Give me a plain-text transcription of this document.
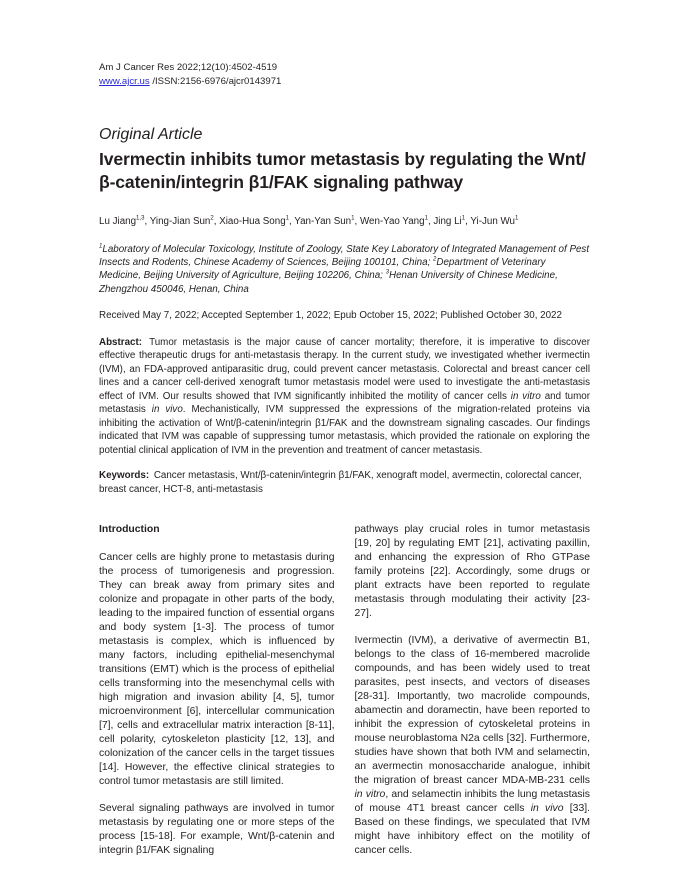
Am J Cancer Res 2022;12(10):4502-4519
www.ajcr.us /ISSN:2156-6976/ajcr0143971
Original Article
Ivermectin inhibits tumor metastasis by regulating the Wnt/β-catenin/integrin β1/FAK signaling pathway
Lu Jiang$^{1,3}$, Ying-Jian Sun$^2$, Xiao-Hua Song$^1$, Yan-Yan Sun$^1$, Wen-Yao Yang$^1$, Jing Li$^1$, Yi-Jun Wu$^1$
$^1$Laboratory of Molecular Toxicology, Institute of Zoology, State Key Laboratory of Integrated Management of Pest Insects and Rodents, Chinese Academy of Sciences, Beijing 100101, China; $^2$Department of Veterinary Medicine, Beijing University of Agriculture, Beijing 102206, China; $^3$Henan University of Chinese Medicine, Zhengzhou 450046, Henan, China
Received May 7, 2022; Accepted September 1, 2022; Epub October 15, 2022; Published October 30, 2022

Abstract: Tumor metastasis is the major cause of cancer mortality; therefore, it is imperative to discover effective therapeutic drugs for anti-metastasis therapy. In the current study, we investigated whether ivermectin (IVM), an FDA-approved antiparasitic drug, could prevent cancer metastasis. Colorectal and breast cancer cell lines and a cancer cell-derived xenograft tumor metastasis model were used to investigate the anti-metastasis effect of IVM. Our results showed that IVM significantly inhibited the motility of cancer cells in vitro and tumor metastasis in vivo. Mechanistically, IVM suppressed the expressions of the migration-related proteins via inhibiting the activation of Wnt/β-catenin/integrin β1/FAK and the downstream signaling cascades. Our findings indicated that IVM was capable of suppressing tumor metastasis, which provided the rationale on exploring the potential clinical application of IVM in the prevention and treatment of cancer metastasis.

Keywords: Cancer metastasis, Wnt/β-catenin/integrin β1/FAK, xenograft model, avermectin, colorectal cancer, breast cancer, HCT-8, anti-metastasis

Introduction

Cancer cells are highly prone to metastasis during the process of tumorigenesis and progression. They can break away from primary sites and colonize and propagate in other parts of the body, leading to the impaired function of essential organs and body system [1-3]. The process of tumor metastasis is complex, which is influenced by many factors, including epithelial-mesenchymal transitions (EMT) which is the process of epithelial cells transforming into the mesenchymal cells with high migration and invasion ability [4, 5], tumor microenvironment [6], intercellular communication [7], cells and extracellular matrix interaction [8-11], cell polarity, cytoskeleton plasticity [12, 13], and colonization of the cancer cells in the target tissues [14]. However, the effective clinical strategies to control tumor metastasis are still limited.

Several signaling pathways are involved in tumor metastasis by regulating one or more steps of the process [15-18]. For example, Wnt/β-catenin and integrin β1/FAK signaling

pathways play crucial roles in tumor metastasis [19, 20] by regulating EMT [21], activating paxillin, and enhancing the expression of Rho GTPase family proteins [22]. Accordingly, some drugs or plant extracts have been reported to regulate metastasis through modulating their activity [23-27].

Ivermectin (IVM), a derivative of avermectin B1, belongs to the class of 16-membered macrolide compounds, and has been widely used to treat parasites, pest insects, and vectors of diseases [28-31]. Importantly, two macrolide compounds, abamectin and doramectin, have been reported to inhibit the expression of cytoskeletal proteins in mouse neuroblastoma N2a cells [32]. Furthermore, studies have shown that both IVM and selamectin, an avermectin monosaccharide analogue, inhibit the migration of breast cancer MDA-MB-231 cells in vitro, and selamectin inhibits the lung metastasis of mouse 4T1 breast cancer cells in vivo [33]. Based on these findings, we speculated that IVM might have inhibitory effect on the motility of cancer cells.
